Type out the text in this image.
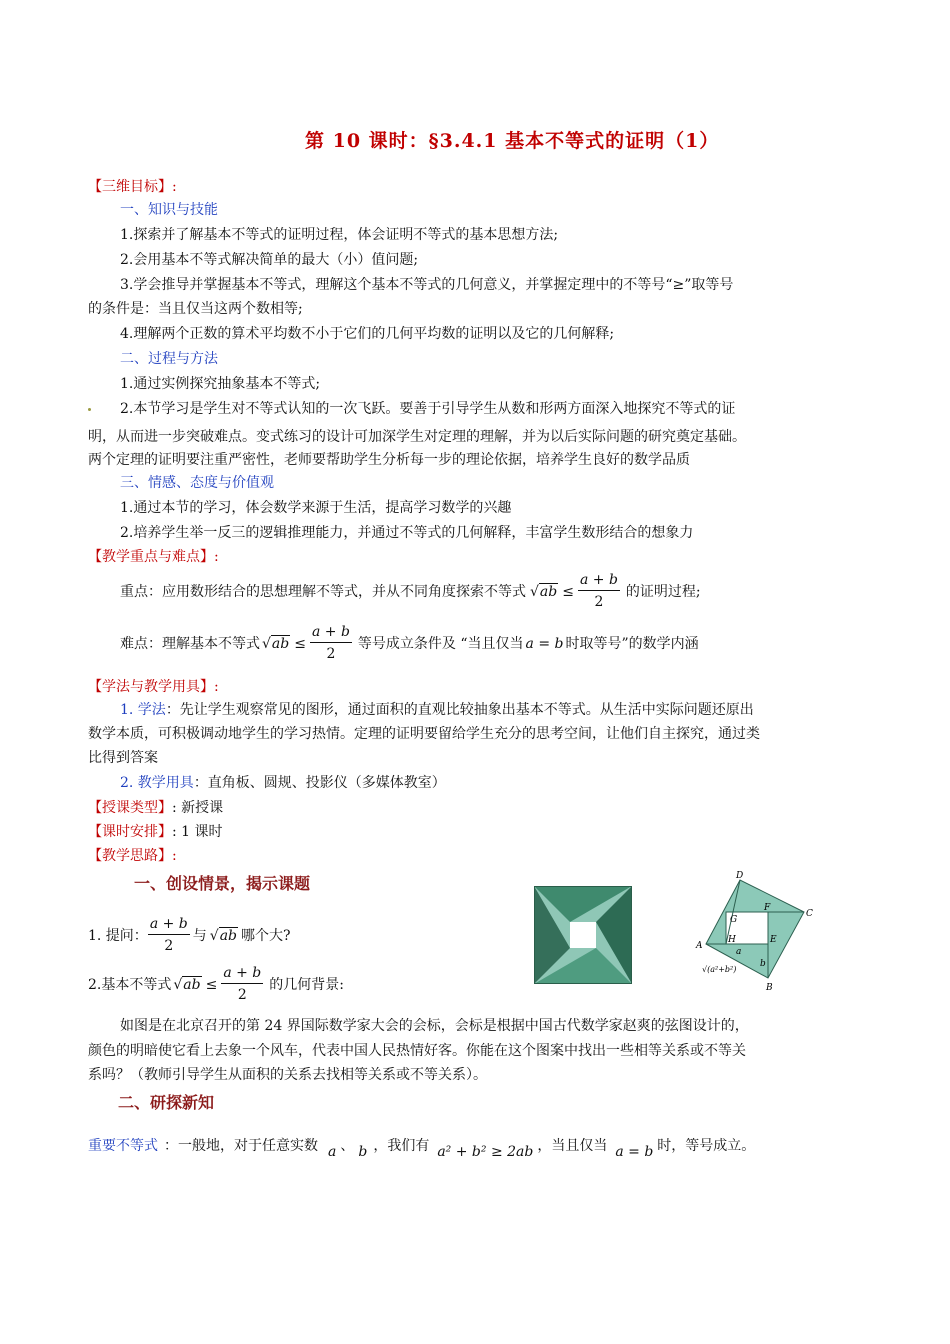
第 10 课时：§3.4.1 基本不等式的证明（1）
【三维目标】:
一、知识与技能
1.探索并了解基本不等式的证明过程，体会证明不等式的基本思想方法;
2.会用基本不等式解决简单的最大（小）值问题;
3.学会推导并掌握基本不等式，理解这个基本不等式的几何意义，并掌握定理中的不等号“≥”取等号
的条件是：当且仅当这两个数相等;
4.理解两个正数的算术平均数不小于它们的几何平均数的证明以及它的几何解释;
二、过程与方法
1.通过实例探究抽象基本不等式;
2.本节学习是学生对不等式认知的一次飞跃。要善于引导学生从数和形两方面深入地探究不等式的证
明，从而进一步突破难点。变式练习的设计可加深学生对定理的理解，并为以后实际问题的研究奠定基础。
两个定理的证明要注重严密性，老师要帮助学生分析每一步的理论依据，培养学生良好的数学品质
三、情感、态度与价值观
1.通过本节的学习，体会数学来源于生活，提高学习数学的兴趣
2.培养学生举一反三的逻辑推理能力，并通过不等式的几何解释，丰富学生数形结合的想象力
【教学重点与难点】:
重点：应用数形结合的思想理解不等式，并从不同角度探索不等式 $√ab \le \frac{a + b}{2}$ 的证明过程;
难点：理解基本不等式 $√ab \le \frac{a + b}{2}$ 等号成立条件及 “当且仅当 a = b 时取等号”的数学内涵
【学法与教学用具】:
1. 学法：先让学生观察常见的图形，通过面积的直观比较抽象出基本不等式。从生活中实际问题还原出
数学本质，可积极调动地学生的学习热情。定理的证明要留给学生充分的思考空间，让他们自主探究，通过类
比得到答案
2. 教学用具：直角板、圆规、投影仪（多媒体教室）
【授课类型】: 新授课
【课时安排】: 1 课时
【教学思路】:
一、创设情景，揭示课题
1. 提问： $\frac{a + b}{2}$ 与 √ab 哪个大?
2.基本不等式 $√ab \le \frac{a + b}{2}$ 的几何背景:
D
C
A
B
G
F
H	E
a
b
√(a²+b²)
如图是在北京召开的第 24 界国际数学家大会的会标，会标是根据中国古代数学家赵爽的弦图设计的，
颜色的明暗使它看上去象一个风车，代表中国人民热情好客。你能在这个图案中找出一些相等关系或不等关
系吗？（教师引导学生从面积的关系去找相等关系或不等关系）。
二、研探新知
重要不等式 ：一般地，对于任意实数 a 、 b ，我们有 a² + b² ≥ 2ab ，当且仅当 a = b 时，等号成立。
